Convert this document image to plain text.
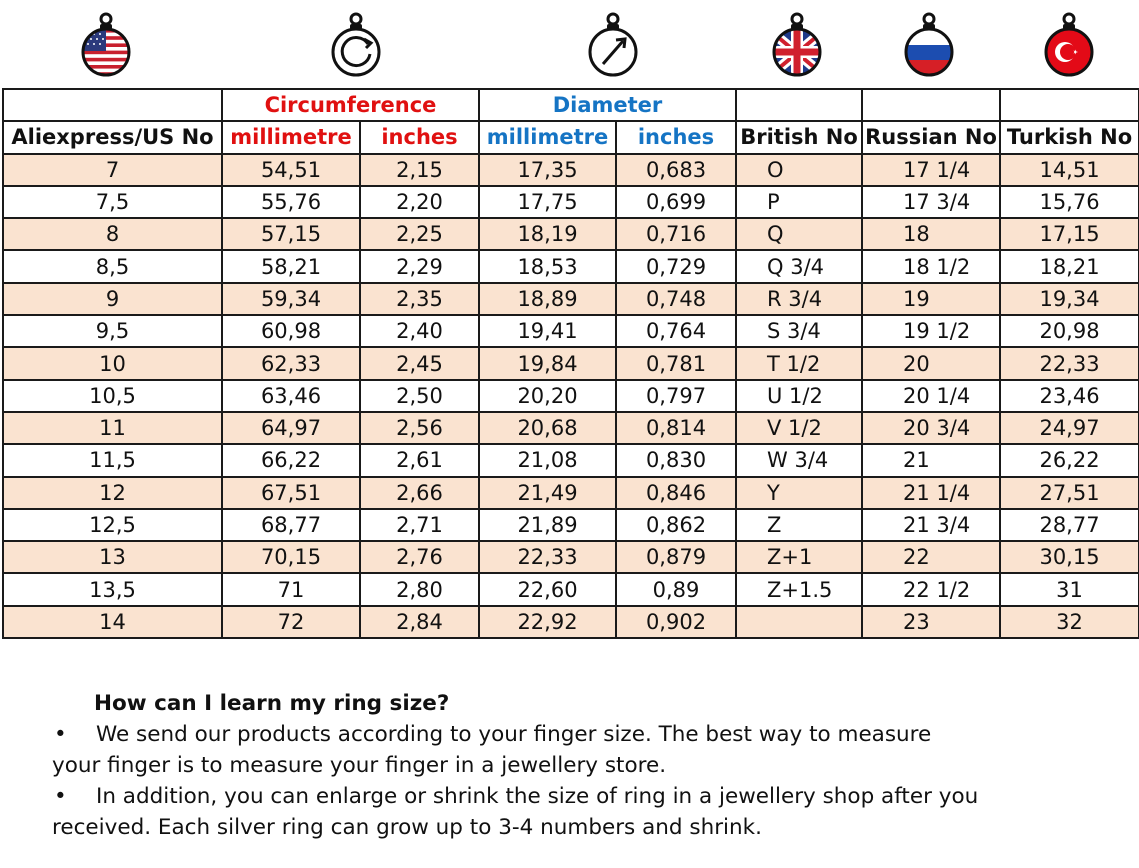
	Circumference		Diameter				
Aliexpress/US No	millimetre	inches	millimetre	inches	British No	Russian No	Turkish No
7	54,51	2,15	17,35	0,683	O	17 1/4	14,51
7,5	55,76	2,20	17,75	0,699	P	17 3/4	15,76
8	57,15	2,25	18,19	0,716	Q	18	17,15
8,5	58,21	2,29	18,53	0,729	Q 3/4	18 1/2	18,21
9	59,34	2,35	18,89	0,748	R 3/4	19	19,34
9,5	60,98	2,40	19,41	0,764	S 3/4	19 1/2	20,98
10	62,33	2,45	19,84	0,781	T 1/2	20	22,33
10,5	63,46	2,50	20,20	0,797	U 1/2	20 1/4	23,46
11	64,97	2,56	20,68	0,814	V 1/2	20 3/4	24,97
11,5	66,22	2,61	21,08	0,830	W 3/4	21	26,22
12	67,51	2,66	21,49	0,846	Y	21 1/4	27,51
12,5	68,77	2,71	21,89	0,862	Z	21 3/4	28,77
13	70,15	2,76	22,33	0,879	Z+1	22	30,15
13,5	71	2,80	22,60	0,89	Z+1.5	22 1/2	31
14	72	2,84	22,92	0,902		23	32
How can I learn my ring size?
• We send our products according to your finger size. The best way to measure
your finger is to measure your finger in a jewellery store.
• In addition, you can enlarge or shrink the size of ring in a jewellery shop after you
received. Each silver ring can grow up to 3-4 numbers and shrink.
